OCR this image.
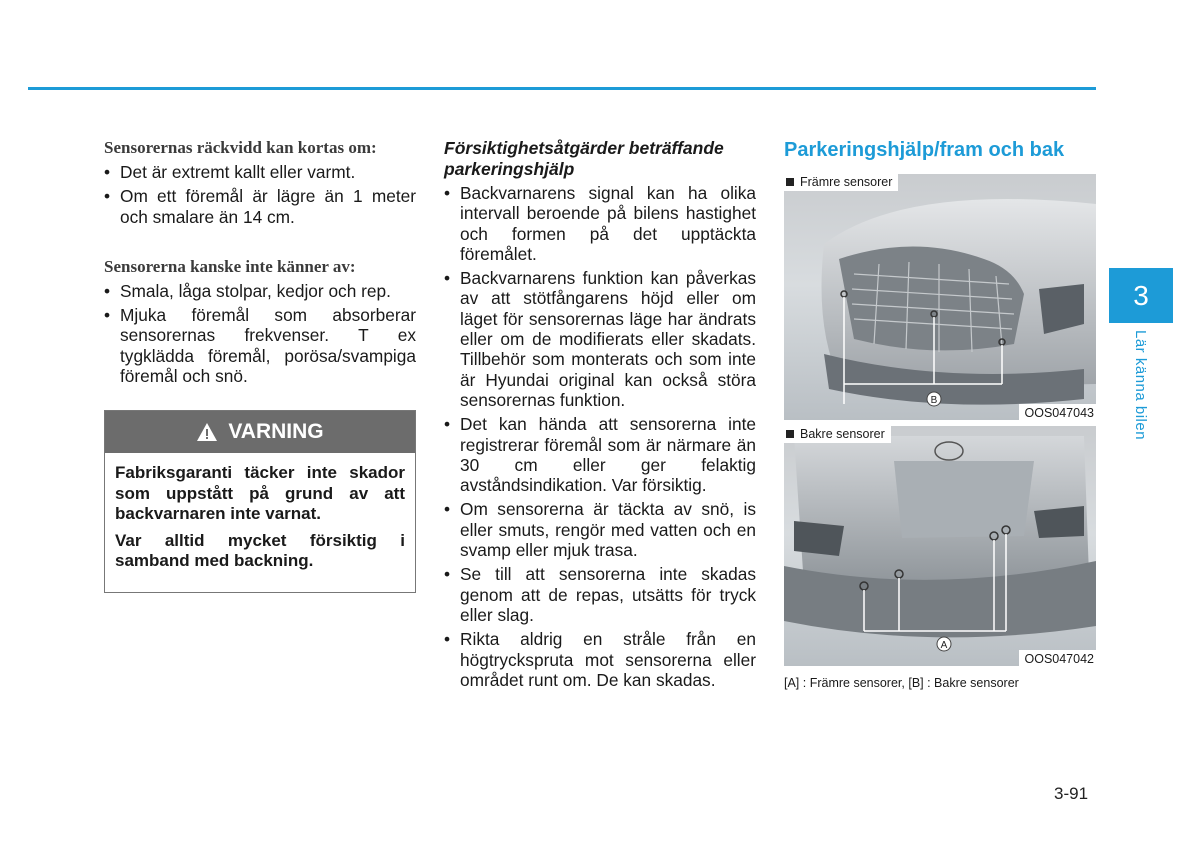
Sensorernas räckvidd kan kortas om:

• Det är extremt kallt eller varmt.
• Om ett föremål är lägre än 1 meter och smalare än 14 cm.

Sensorerna kanske inte känner av:

• Smala, låga stolpar, kedjor och rep.
• Mjuka föremål som absorberar sensorernas frekvenser. T ex tygklädda föremål, porösa/svampiga föremål och snö.
VARNING

Fabriksgaranti täcker inte skador som uppstått på grund av att backvarnaren inte varnat.

Var alltid mycket försiktig i samband med backning.

Försiktighetsåtgärder beträffande parkeringshjälp

• Backvarnarens signal kan ha olika intervall beroende på bilens hastighet och formen på det upptäckta föremålet.
• Backvarnarens funktion kan påverkas av att stötfångarens höjd eller om läget för sensorernas läge har ändrats eller om de modifierats eller skadats. Tillbehör som monterats och som inte är Hyundai original kan också störa sensorernas funktion.
• Det kan hända att sensorerna inte registrerar föremål som är närmare än 30 cm eller ger felaktig avståndsindikation. Var försiktig.
• Om sensorerna är täckta av snö, is eller smuts, rengör med vatten och en svamp eller mjuk trasa.
• Se till att sensorerna inte skadas genom att de repas, utsätts för tryck eller slag.
• Rikta aldrig en stråle från en högtryckspruta mot sensorerna eller området runt om. De kan skadas.

Parkeringshjälp/fram och bak

Främre sensorer
B
OOS047043
Bakre sensorer
A
OOS047042
[A] : Främre sensorer, [B] : Bakre sensorer
3
Lär känna bilen
3-91
